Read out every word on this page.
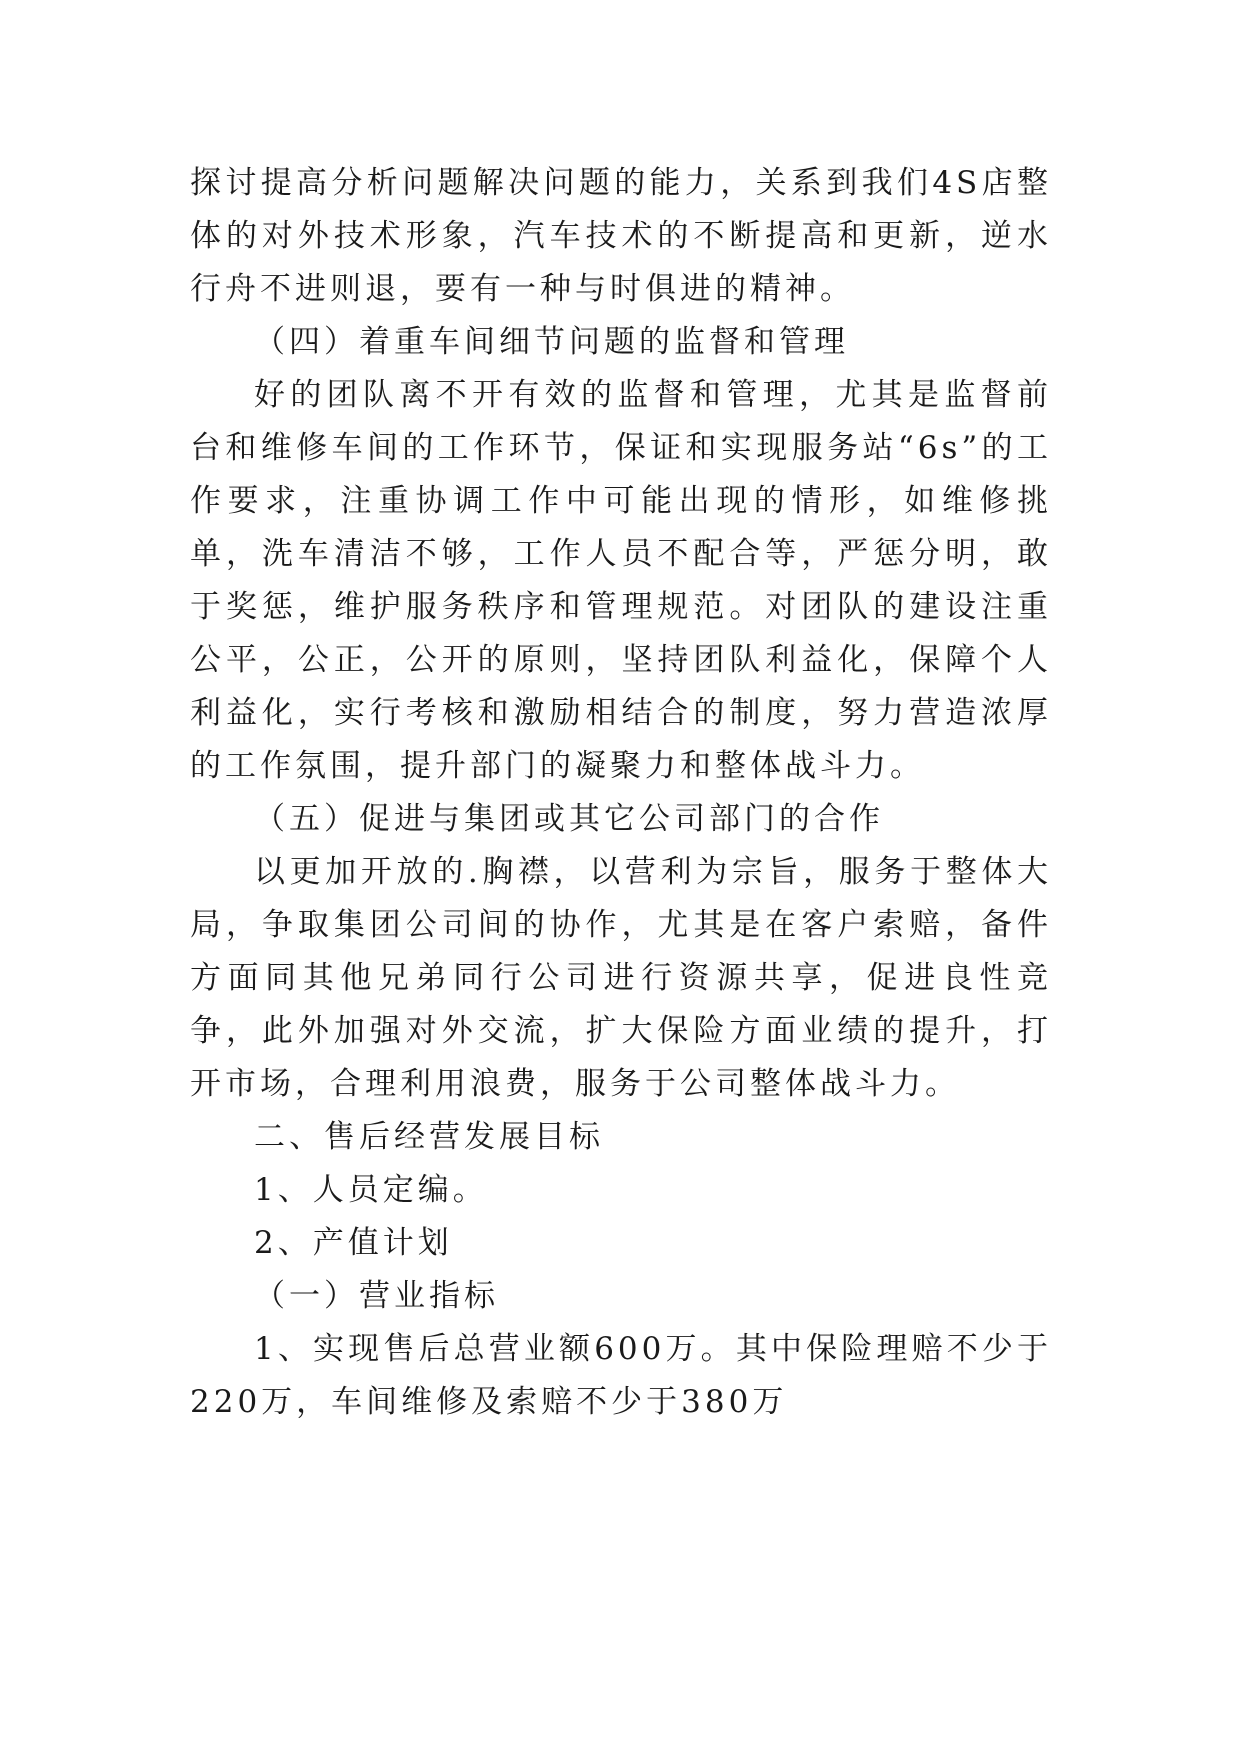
探讨提高分析问题解决问题的能力，关系到我们4S店整体的对外技术形象，汽车技术的不断提高和更新，逆水行舟不进则退，要有一种与时俱进的精神。

（四）着重车间细节问题的监督和管理

好的团队离不开有效的监督和管理，尤其是监督前台和维修车间的工作环节，保证和实现服务站“6s”的工作要求，注重协调工作中可能出现的情形，如维修挑单，洗车清洁不够，工作人员不配合等，严惩分明，敢于奖惩，维护服务秩序和管理规范。对团队的建设注重公平，公正，公开的原则，坚持团队利益化，保障个人利益化，实行考核和激励相结合的制度，努力营造浓厚的工作氛围，提升部门的凝聚力和整体战斗力。

（五）促进与集团或其它公司部门的合作

以更加开放的.胸襟，以营利为宗旨，服务于整体大局，争取集团公司间的协作，尤其是在客户索赔，备件方面同其他兄弟同行公司进行资源共享，促进良性竞争，此外加强对外交流，扩大保险方面业绩的提升，打开市场，合理利用浪费，服务于公司整体战斗力。

二、售后经营发展目标

1、人员定编。

2、产值计划

（一）营业指标

1、实现售后总营业额600万。其中保险理赔不少于220万，车间维修及索赔不少于380万
